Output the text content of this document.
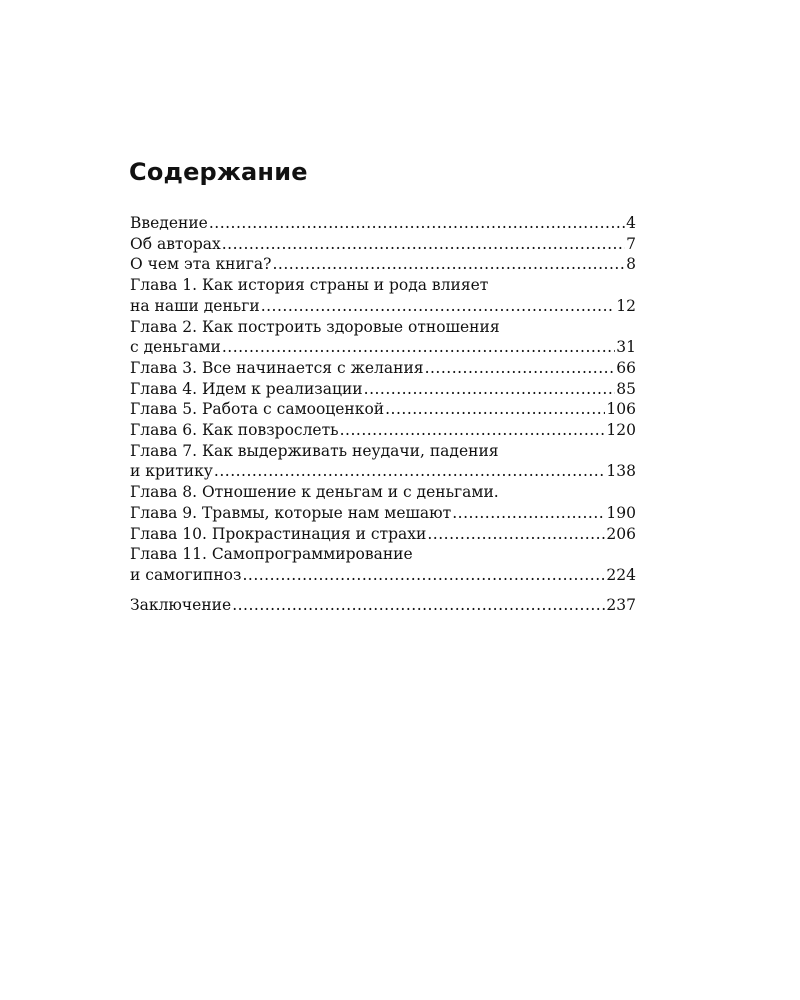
Содержание
Введение .....	4
Об авторах .....	7
О чем эта книга? .....	8
Глава 1. Как история страны и рода влияет
на наши деньги .....	12
Глава 2. Как построить здоровые отношения
с деньгами .....	31
Глава 3. Все начинается с желания .....	66
Глава 4. Идем к реализации .....	85
Глава 5. Работа с самооценкой .....	106
Глава 6. Как повзрослеть .....	120
Глава 7. Как выдерживать неудачи, падения
и критику .....	138
Глава 8. Отношение к деньгам и с деньгами.
Глава 9. Травмы, которые нам мешают .....	190
Глава 10. Прокрастинация и страхи .....	206
Глава 11. Самопрограммирование
и самогипноз .....	224
Заключение .....	237
